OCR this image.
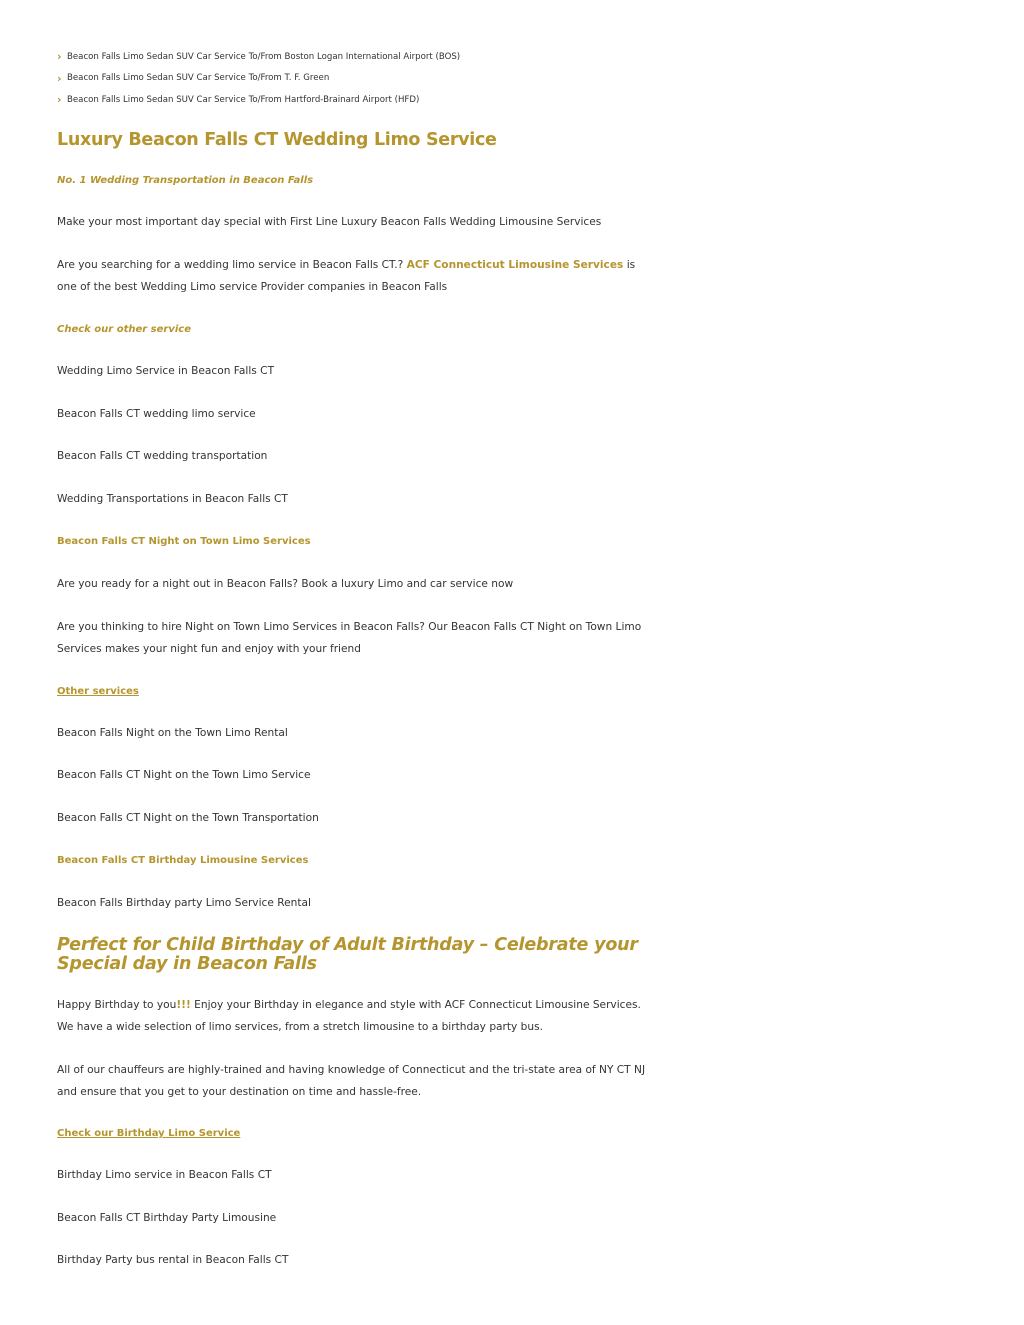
› Beacon Falls Limo Sedan SUV Car Service To/From Boston Logan International Airport (BOS)
› Beacon Falls Limo Sedan SUV Car Service To/From T. F. Green
› Beacon Falls Limo Sedan SUV Car Service To/From Hartford-Brainard Airport (HFD)
Luxury Beacon Falls CT Wedding Limo Service
No. 1 Wedding Transportation in Beacon Falls
Make your most important day special with First Line Luxury Beacon Falls Wedding Limousine Services
Are you searching for a wedding limo service in Beacon Falls CT.? ACF Connecticut Limousine Services is one of the best Wedding Limo service Provider companies in Beacon Falls
Check our other service
Wedding Limo Service in Beacon Falls CT
Beacon Falls CT wedding limo service
Beacon Falls CT wedding transportation
Wedding Transportations in Beacon Falls CT
Beacon Falls CT Night on Town Limo Services
Are you ready for a night out in Beacon Falls? Book a luxury Limo and car service now
Are you thinking to hire Night on Town Limo Services in Beacon Falls? Our Beacon Falls CT Night on Town Limo Services makes your night fun and enjoy with your friend
Other services
Beacon Falls Night on the Town Limo Rental
Beacon Falls CT Night on the Town Limo Service
Beacon Falls CT Night on the Town Transportation
Beacon Falls CT Birthday Limousine Services
Beacon Falls Birthday party Limo Service Rental
Perfect for Child Birthday of Adult Birthday – Celebrate your Special day in Beacon Falls
Happy Birthday to you!!! Enjoy your Birthday in elegance and style with ACF Connecticut Limousine Services. We have a wide selection of limo services, from a stretch limousine to a birthday party bus.
All of our chauffeurs are highly-trained and having knowledge of Connecticut and the tri-state area of NY CT NJ and ensure that you get to your destination on time and hassle-free.
Check our Birthday Limo Service
Birthday Limo service in Beacon Falls CT
Beacon Falls CT Birthday Party Limousine
Birthday Party bus rental in Beacon Falls CT
